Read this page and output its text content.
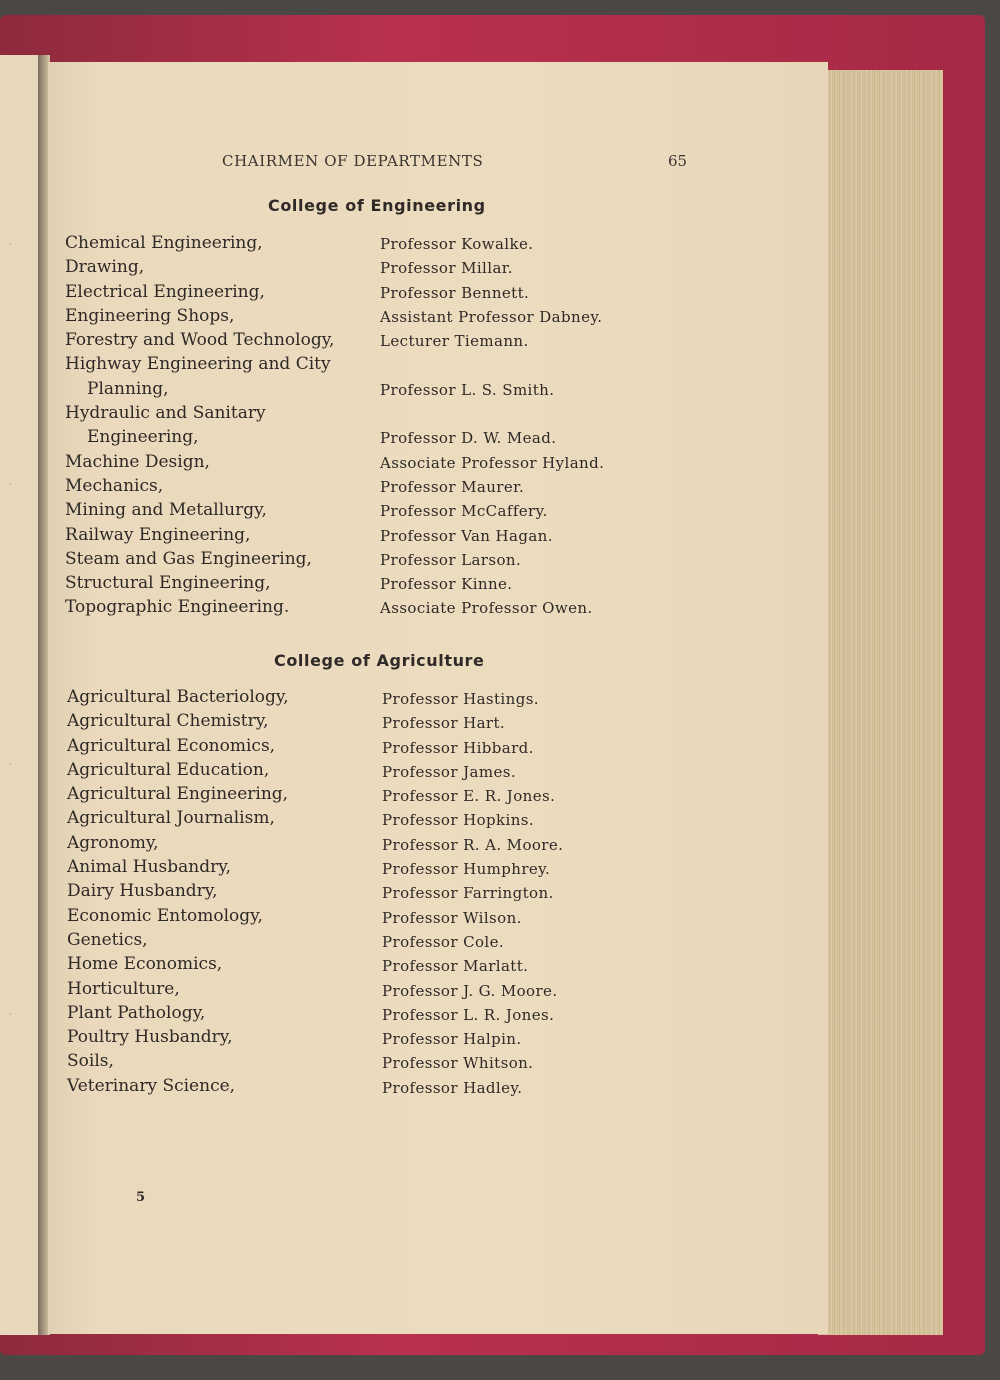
·
·
·
·
CHAIRMEN OF DEPARTMENTS	65
College of Engineering
Chemical Engineering,
Drawing,
Electrical Engineering,
Engineering Shops,
Forestry and Wood Technology,
Highway Engineering and City
Planning,
Hydraulic and Sanitary
Engineering,
Machine Design,
Mechanics,
Mining and Metallurgy,
Railway Engineering,
Steam and Gas Engineering,
Structural Engineering,
Topographic Engineering.
Professor Kowalke.
Professor Millar.
Professor Bennett.
Assistant Professor Dabney.
Lecturer Tiemann.
Professor L. S. Smith.
Professor D. W. Mead.
Associate Professor Hyland.
Professor Maurer.
Professor McCaffery.
Professor Van Hagan.
Professor Larson.
Professor Kinne.
Associate Professor Owen.
College of Agriculture
Agricultural Bacteriology,
Agricultural Chemistry,
Agricultural Economics,
Agricultural Education,
Agricultural Engineering,
Agricultural Journalism,
Agronomy,
Animal Husbandry,
Dairy Husbandry,
Economic Entomology,
Genetics,
Home Economics,
Horticulture,
Plant Pathology,
Poultry Husbandry,
Soils,
Veterinary Science,
Professor Hastings.
Professor Hart.
Professor Hibbard.
Professor James.
Professor E. R. Jones.
Professor Hopkins.
Professor R. A. Moore.
Professor Humphrey.
Professor Farrington.
Professor Wilson.
Professor Cole.
Professor Marlatt.
Professor J. G. Moore.
Professor L. R. Jones.
Professor Halpin.
Professor Whitson.
Professor Hadley.
5
